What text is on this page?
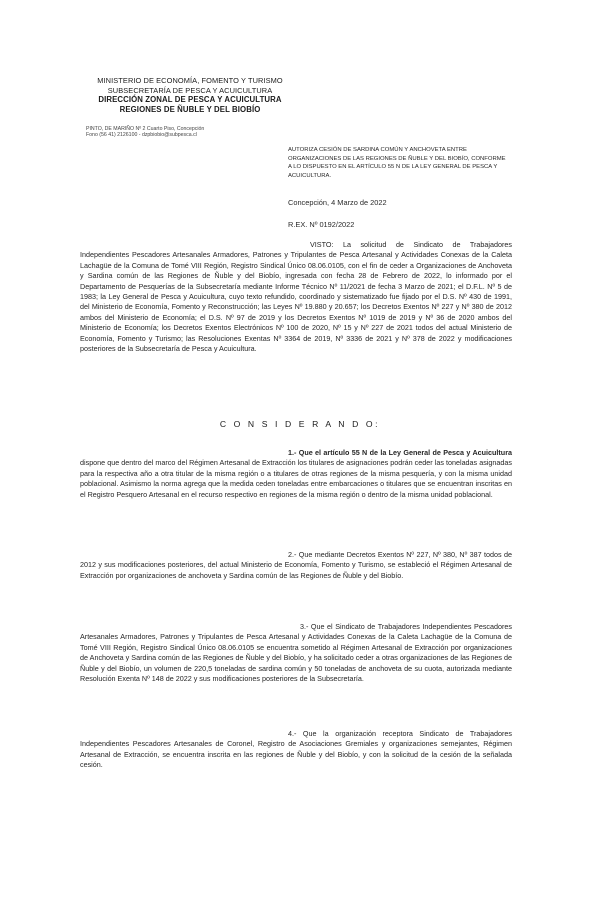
MINISTERIO DE ECONOMÍA, FOMENTO Y TURISMO
SUBSECRETARÍA DE PESCA Y ACUICULTURA
DIRECCIÓN ZONAL DE PESCA Y ACUICULTURA
REGIONES DE ÑUBLE Y DEL BIOBÍO
PINTO, DE MARIÑO Nº 2 Cuarto Piso, Concepción
Fono (56 41) 2126100 - dzpbiobio@subpesca.cl
AUTORIZA CESIÓN DE SARDINA COMÚN Y ANCHOVETA ENTRE ORGANIZACIONES DE LAS REGIONES DE ÑUBLE Y DEL BIOBÍO, CONFORME A LO DISPUESTO EN EL ARTÍCULO 55 N DE LA LEY GENERAL DE PESCA Y ACUICULTURA.
Concepción, 4 Marzo de 2022
R.EX. Nº 0192/2022
VISTO: La solicitud de Sindicato de Trabajadores Independientes Pescadores Artesanales Armadores, Patrones y Tripulantes de Pesca Artesanal y Actividades Conexas de la Caleta Lachagüe de la Comuna de Tomé VIII Región, Registro Sindical Único 08.06.0105, con el fin de ceder a Organizaciones de Anchoveta y Sardina común de las Regiones de Ñuble y del Biobío, ingresada con fecha 28 de Febrero de 2022, lo informado por el Departamento de Pesquerías de la Subsecretaría mediante Informe Técnico Nº 11/2021 de fecha 3 Marzo de 2021; el D.F.L. Nº 5 de 1983; la Ley General de Pesca y Acuicultura, cuyo texto refundido, coordinado y sistematizado fue fijado por el D.S. Nº 430 de 1991, del Ministerio de Economía, Fomento y Reconstrucción; las Leyes Nº 19.880 y 20.657; los Decretos Exentos Nº 227 y Nº 380 de 2012 ambos del Ministerio de Economía; el D.S. Nº 97 de 2019 y los Decretos Exentos Nº 1019 de 2019 y Nº 36 de 2020 ambos del Ministerio de Economía; los Decretos Exentos Electrónicos Nº 100 de 2020, Nº 15 y Nº 227 de 2021 todos del actual Ministerio de Economía, Fomento y Turismo; las Resoluciones Exentas Nº 3364 de 2019, Nº 3336 de 2021 y Nº 378 de 2022 y modificaciones posteriores de la Subsecretaría de Pesca y Acuicultura.
C O N S I D E R A N D O:
1.- Que el artículo 55 N de la Ley General de Pesca y Acuicultura dispone que dentro del marco del Régimen Artesanal de Extracción los titulares de asignaciones podrán ceder las toneladas asignadas para la respectiva año a otra titular de la misma región o a titulares de otras regiones de la misma pesquería, y con la misma unidad poblacional. Asimismo la norma agrega que la medida ceden toneladas entre embarcaciones o titulares que se encuentran inscritas en el Registro Pesquero Artesanal en el recurso respectivo en regiones de la misma región o dentro de la misma unidad poblacional.
2.- Que mediante Decretos Exentos Nº 227, Nº 380, Nº 387 todos de 2012 y sus modificaciones posteriores, del actual Ministerio de Economía, Fomento y Turismo, se estableció el Régimen Artesanal de Extracción por organizaciones de anchoveta y Sardina común de las Regiones de Ñuble y del Biobío.
3.- Que el Sindicato de Trabajadores Independientes Pescadores Artesanales Armadores, Patrones y Tripulantes de Pesca Artesanal y Actividades Conexas de la Caleta Lachagüe de la Comuna de Tomé VIII Región, Registro Sindical Único 08.06.0105 se encuentra sometido al Régimen Artesanal de Extracción por organizaciones de Anchoveta y Sardina común de las Regiones de Ñuble y del Biobío, y ha solicitado ceder a otras organizaciones de las Regiones de Ñuble y del Biobío, un volumen de 220,5 toneladas de sardina común y 50 toneladas de anchoveta de su cuota, autorizada mediante Resolución Exenta Nº 148 de 2022 y sus modificaciones posteriores de la Subsecretaría.
4.- Que la organización receptora Sindicato de Trabajadores Independientes Pescadores Artesanales de Coronel, Registro de Asociaciones Gremiales y organizaciones semejantes, Régimen Artesanal de Extracción, se encuentra inscrita en las regiones de Ñuble y del Biobío, y con la solicitud de la cesión de la señalada cesión.
